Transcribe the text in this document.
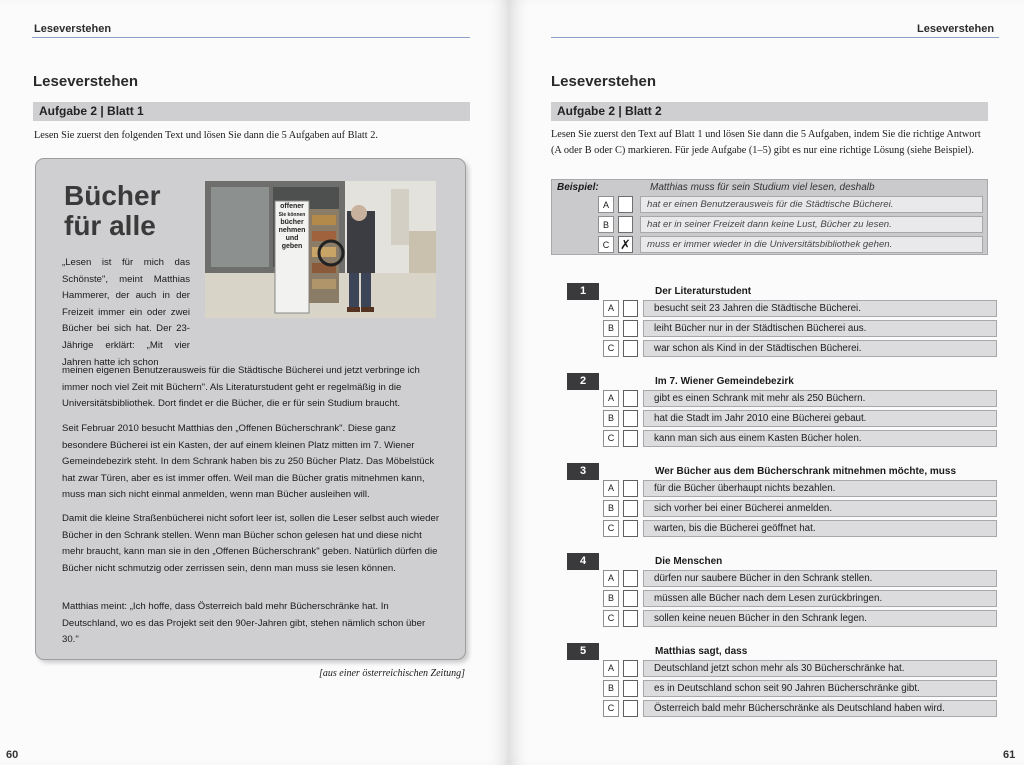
Leseverstehen
Leseverstehen
Aufgabe 2 | Blatt 1
Lesen Sie zuerst den folgenden Text und lösen Sie dann die 5 Aufgaben auf Blatt 2.
Bücher
für alle
offener
Sie können
bücher
nehmen
und
geben
„Lesen ist für mich das Schönste", meint Matthias Hammerer, der auch in der Freizeit immer ein oder zwei Bücher bei sich hat. Der 23-Jährige erklärt: „Mit vier Jahren hatte ich schon
meinen eigenen Benutzerausweis für die Städtische Bücherei und jetzt verbringe ich immer noch viel Zeit mit Büchern". Als Literaturstudent geht er regelmäßig in die Universitätsbibliothek. Dort findet er die Bücher, die er für sein Studium braucht.
Seit Februar 2010 besucht Matthias den „Offenen Bücherschrank". Diese ganz besondere Bücherei ist ein Kasten, der auf einem kleinen Platz mitten im 7. Wiener Gemeindebezirk steht. In dem Schrank haben bis zu 250 Bücher Platz. Das Möbelstück hat zwar Türen, aber es ist immer offen. Weil man die Bücher gratis mitnehmen kann, muss man sich nicht einmal anmelden, wenn man Bücher ausleihen will.
Damit die kleine Straßenbücherei nicht sofort leer ist, sollen die Leser selbst auch wieder Bücher in den Schrank stellen. Wenn man Bücher schon gelesen hat und diese nicht mehr braucht, kann man sie in den „Offenen Bücherschrank" geben. Natürlich dürfen die Bücher nicht schmutzig oder zerrissen sein, denn man muss sie lesen können.
Matthias meint: „Ich hoffe, dass Österreich bald mehr Bücherschränke hat. In Deutschland, wo es das Projekt seit den 90er-Jahren gibt, stehen nämlich schon über 30."
[aus einer österreichischen Zeitung]
60
Leseverstehen
Leseverstehen
Aufgabe 2 | Blatt 2
Lesen Sie zuerst den Text auf Blatt 1 und lösen Sie dann die 5 Aufgaben, indem Sie die richtige Antwort (A oder B oder C) markieren. Für jede Aufgabe (1–5) gibt es nur eine richtige Lösung (siehe Beispiel).
Beispiel:	Matthias muss für sein Studium viel lesen, deshalb
A	hat er einen Benutzerausweis für die Städtische Bücherei.
B	hat er in seiner Freizeit dann keine Lust, Bücher zu lesen.
C ✗	muss er immer wieder in die Universitätsbibliothek gehen.
1	Der Literaturstudent
A	besucht seit 23 Jahren die Städtische Bücherei.
B	leiht Bücher nur in der Städtischen Bücherei aus.
C	war schon als Kind in der Städtischen Bücherei.
2	Im 7. Wiener Gemeindebezirk
A	gibt es einen Schrank mit mehr als 250 Büchern.
B	hat die Stadt im Jahr 2010 eine Bücherei gebaut.
C	kann man sich aus einem Kasten Bücher holen.
3	Wer Bücher aus dem Bücherschrank mitnehmen möchte, muss
A	für die Bücher überhaupt nichts bezahlen.
B	sich vorher bei einer Bücherei anmelden.
C	warten, bis die Bücherei geöffnet hat.
4	Die Menschen
A	dürfen nur saubere Bücher in den Schrank stellen.
B	müssen alle Bücher nach dem Lesen zurückbringen.
C	sollen keine neuen Bücher in den Schrank legen.
5	Matthias sagt, dass
A	Deutschland jetzt schon mehr als 30 Bücherschränke hat.
B	es in Deutschland schon seit 90 Jahren Bücherschränke gibt.
C	Österreich bald mehr Bücherschränke als Deutschland haben wird.
61
